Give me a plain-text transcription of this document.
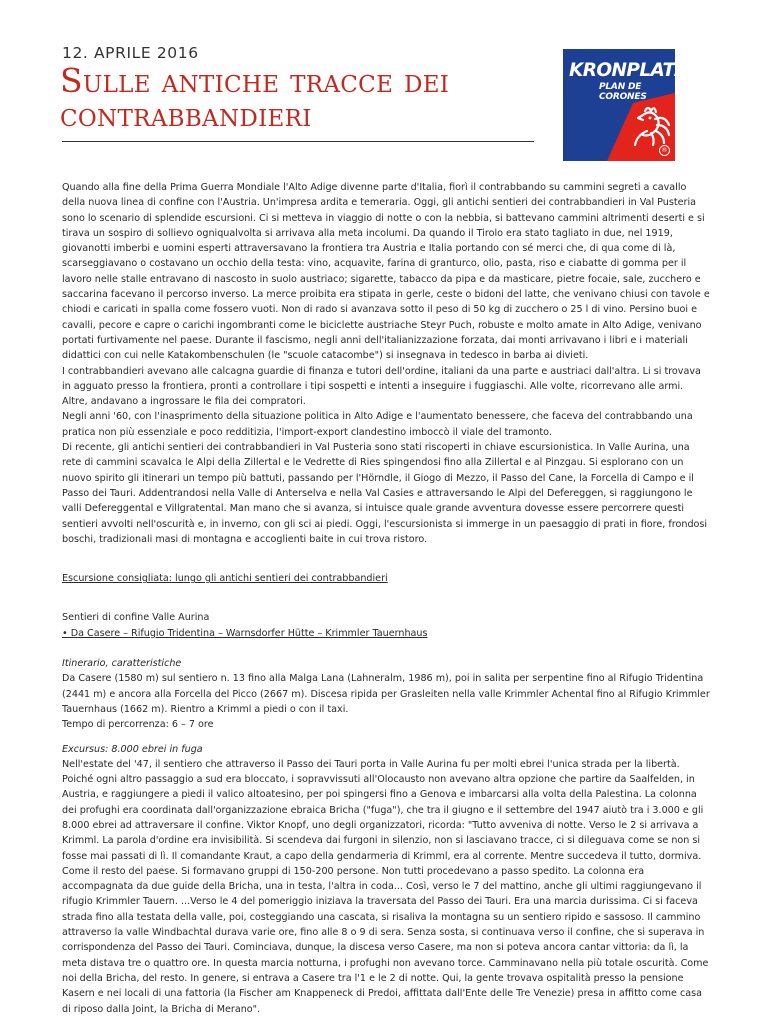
12. APRILE 2016
Sulle antiche tracce dei contrabbandieri
KRONPLATZ
PLAN DE CORONES
®

Quando alla fine della Prima Guerra Mondiale l'Alto Adige divenne parte d'Italia, fiorì il contrabbando su cammini segreti a cavallo della nuova linea di confine con l'Austria. Un'impresa ardita e temeraria. Oggi, gli antichi sentieri dei contrabbandieri in Val Pusteria sono lo scenario di splendide escursioni. Ci si metteva in viaggio di notte o con la nebbia, si battevano cammini altrimenti deserti e si tirava un sospiro di sollievo ogniqualvolta si arrivava alla meta incolumi. Da quando il Tirolo era stato tagliato in due, nel 1919, giovanotti imberbi e uomini esperti attraversavano la frontiera tra Austria e Italia portando con sé merci che, di qua come di là, scarseggiavano o costavano un occhio della testa: vino, acquavite, farina di granturco, olio, pasta, riso e ciabatte di gomma per il lavoro nelle stalle entravano di nascosto in suolo austriaco; sigarette, tabacco da pipa e da masticare, pietre focaie, sale, zucchero e saccarina facevano il percorso inverso. La merce proibita era stipata in gerle, ceste o bidoni del latte, che venivano chiusi con tavole e chiodi e caricati in spalla come fossero vuoti. Non di rado si avanzava sotto il peso di 50 kg di zucchero o 25 l di vino. Persino buoi e cavalli, pecore e capre o carichi ingombranti come le biciclette austriache Steyr Puch, robuste e molto amate in Alto Adige, venivano portati furtivamente nel paese. Durante il fascismo, negli anni dell'italianizzazione forzata, dai monti arrivavano i libri e i materiali didattici con cui nelle Katakombenschulen (le "scuole catacombe") si insegnava in tedesco in barba ai divieti.

I contrabbandieri avevano alle calcagna guardie di finanza e tutori dell'ordine, italiani da una parte e austriaci dall'altra. Li si trovava in agguato presso la frontiera, pronti a controllare i tipi sospetti e intenti a inseguire i fuggiaschi. Alle volte, ricorrevano alle armi. Altre, andavano a ingrossare le fila dei compratori.

Negli anni '60, con l'inasprimento della situazione politica in Alto Adige e l'aumentato benessere, che faceva del contrabbando una pratica non più essenziale e poco redditizia, l'import-export clandestino imboccò il viale del tramonto.

Di recente, gli antichi sentieri dei contrabbandieri in Val Pusteria sono stati riscoperti in chiave escursionistica. In Valle Aurina, una rete di cammini scavalca le Alpi della Zillertal e le Vedrette di Ries spingendosi fino alla Zillertal e al Pinzgau. Si esplorano con un nuovo spirito gli itinerari un tempo più battuti, passando per l'Hörndle, il Giogo di Mezzo, il Passo del Cane, la Forcella di Campo e il Passo dei Tauri. Addentrandosi nella Valle di Anterselva e nella Val Casies e attraversando le Alpi del Defereggen, si raggiungono le valli Defereggental e Villgratental. Man mano che si avanza, si intuisce quale grande avventura dovesse essere percorrere questi sentieri avvolti nell'oscurità e, in inverno, con gli sci ai piedi. Oggi, l'escursionista si immerge in un paesaggio di prati in fiore, frondosi boschi, tradizionali masi di montagna e accoglienti baite in cui trova ristoro.

Escursione consigliata: lungo gli antichi sentieri dei contrabbandieri

Sentieri di confine Valle Aurina

• Da Casere – Rifugio Tridentina – Warnsdorfer Hütte – Krimmler Tauernhaus

Itinerario, caratteristiche

Da Casere (1580 m) sul sentiero n. 13 fino alla Malga Lana (Lahneralm, 1986 m), poi in salita per serpentine fino al Rifugio Tridentina (2441 m) e ancora alla Forcella del Picco (2667 m). Discesa ripida per Grasleiten nella valle Krimmler Achental fino al Rifugio Krimmler Tauernhaus (1662 m). Rientro a Krimml a piedi o con il taxi.

Tempo di percorrenza: 6 – 7 ore

Excursus: 8.000 ebrei in fuga

Nell'estate del '47, il sentiero che attraverso il Passo dei Tauri porta in Valle Aurina fu per molti ebrei l'unica strada per la libertà. Poiché ogni altro passaggio a sud era bloccato, i sopravvissuti all'Olocausto non avevano altra opzione che partire da Saalfelden, in Austria, e raggiungere a piedi il valico altoatesino, per poi spingersi fino a Genova e imbarcarsi alla volta della Palestina. La colonna dei profughi era coordinata dall'organizzazione ebraica Bricha ("fuga"), che tra il giugno e il settembre del 1947 aiutò tra i 3.000 e gli 8.000 ebrei ad attraversare il confine. Viktor Knopf, uno degli organizzatori, ricorda: "Tutto avveniva di notte. Verso le 2 si arrivava a Krimml. La parola d'ordine era invisibilità. Si scendeva dai furgoni in silenzio, non si lasciavano tracce, ci si dileguava come se non si fosse mai passati di lì. Il comandante Kraut, a capo della gendarmeria di Krimml, era al corrente. Mentre succedeva il tutto, dormiva. Come il resto del paese. Si formavano gruppi di 150-200 persone. Non tutti procedevano a passo spedito. La colonna era accompagnata da due guide della Bricha, una in testa, l'altra in coda... Così, verso le 7 del mattino, anche gli ultimi raggiungevano il rifugio Krimmler Tauern. ...Verso le 4 del pomeriggio iniziava la traversata del Passo dei Tauri. Era una marcia durissima. Ci si faceva strada fino alla testata della valle, poi, costeggiando una cascata, si risaliva la montagna su un sentiero ripido e sassoso. Il cammino attraverso la valle Windbachtal durava varie ore, fino alle 8 o 9 di sera. Senza sosta, si continuava verso il confine, che si superava in corrispondenza del Passo dei Tauri. Cominciava, dunque, la discesa verso Casere, ma non si poteva ancora cantar vittoria: da lì, la meta distava tre o quattro ore. In questa marcia notturna, i profughi non avevano torce. Camminavano nella più totale oscurità. Come noi della Bricha, del resto. In genere, si entrava a Casere tra l'1 e le 2 di notte. Qui, la gente trovava ospitalità presso la pensione Kasern e nei locali di una fattoria (la Fischer am Knappeneck di Predoi, affittata dall'Ente delle Tre Venezie) presa in affitto come casa di riposo dalla Joint, la Bricha di Merano".
